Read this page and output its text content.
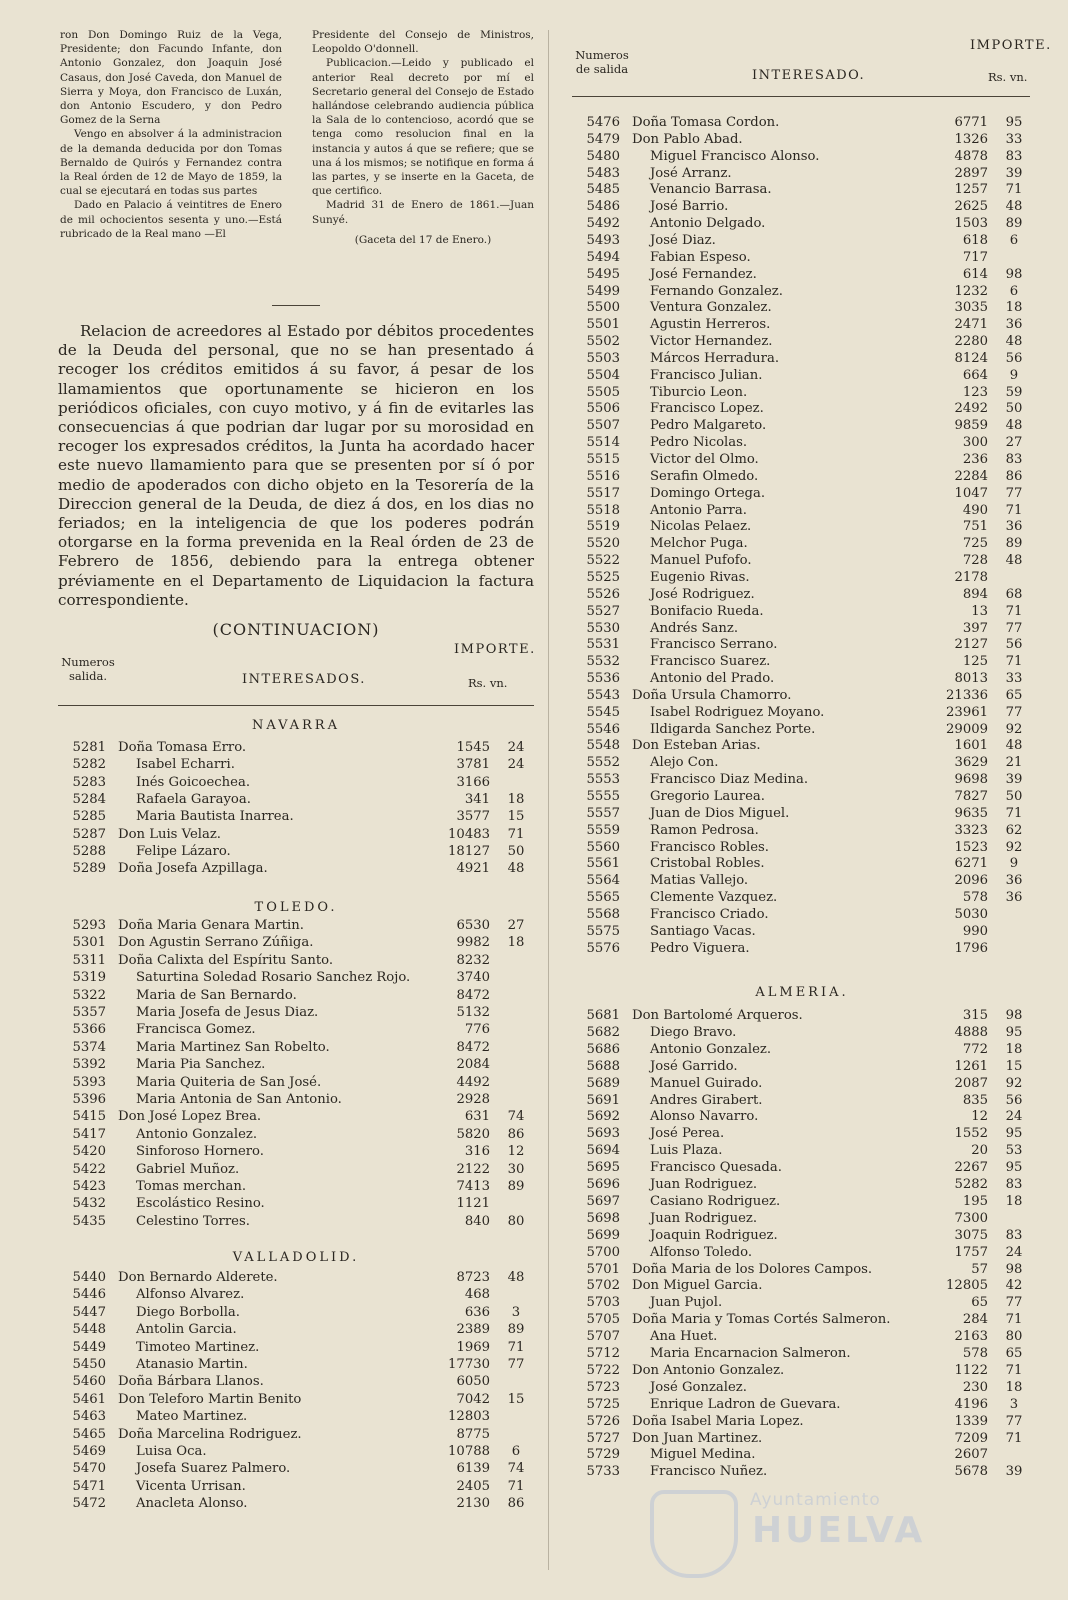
ron Don Domingo Ruiz de la Vega, Presidente; don Facundo Infante, don Antonio Gonzalez, don Joaquin José Casaus, don José Caveda, don Manuel de Sierra y Moya, don Francisco de Luxán, don Antonio Escudero, y don Pedro Gomez de la Serna

Vengo en absolver á la administracion de la demanda deducida por don Tomas Bernaldo de Quirós y Fernandez contra la Real órden de 12 de Mayo de 1859, la cual se ejecutará en todas sus partes

Dado en Palacio á veintitres de Enero de mil ochocientos sesenta y uno.—Está rubricado de la Real mano —El

Presidente del Consejo de Ministros, Leopoldo O'donnell.

Publicacion.—Leido y publicado el anterior Real decreto por mí el Secretario general del Consejo de Estado hallándose celebrando audiencia pública la Sala de lo contencioso, acordó que se tenga como resolucion final en la instancia y autos á que se refiere; que se una á los mismos; se notifique en forma á las partes, y se inserte en la Gaceta, de que certifico.

Madrid 31 de Enero de 1861.—Juan Sunyé.

(Gaceta del 17 de Enero.)

Relacion de acreedores al Estado por débitos procedentes de la Deuda del personal, que no se han presentado á recoger los créditos emitidos á su favor, á pesar de los llamamientos que oportunamente se hicieron en los periódicos oficiales, con cuyo motivo, y á fin de evitarles las consecuencias á que podrian dar lugar por su morosidad en recoger los expresados créditos, la Junta ha acordado hacer este nuevo llamamiento para que se presenten por sí ó por medio de apoderados con dicho objeto en la Tesorería de la Direccion general de la Deuda, de diez á dos, en los dias no feriados; en la inteligencia de que los poderes podrán otorgarse en la forma prevenida en la Real órden de 23 de Febrero de 1856, debiendo para la entrega obtener préviamente en el Departamento de Liquidacion la factura correspondiente.
(CONTINUACION)
Numeros
salida.	INTERESADOS.
IMPORTE.
Rs. vn.
NAVARRA
5281 Doña Tomasa Erro.	1545	24
5282 Isabel Echarri.	3781	24
5283 Inés Goicoechea.	3166
5284 Rafaela Garayoa.	341	18
5285 Maria Bautista Inarrea.	3577	15
5287 Don Luis Velaz.	10483	71
5288 Felipe Lázaro.	18127	50
5289 Doña Josefa Azpillaga.	4921	48
TOLEDO.
5293 Doña Maria Genara Martin.	6530	27
5301 Don Agustin Serrano Zúñiga.	9982	18
5311 Doña Calixta del Espíritu Santo.	8232
5319 Saturtina Soledad Rosario Sanchez Rojo.	3740
5322 Maria de San Bernardo.	8472
5357 Maria Josefa de Jesus Diaz.	5132
5366 Francisca Gomez.	776
5374 Maria Martinez San Robelto.	8472
5392 Maria Pia Sanchez.	2084
5393 Maria Quiteria de San José.	4492
5396 Maria Antonia de San Antonio.	2928
5415 Don José Lopez Brea.	631	74
5417 Antonio Gonzalez.	5820	86
5420 Sinforoso Hornero.	316	12
5422 Gabriel Muñoz.	2122	30
5423 Tomas merchan.	7413	89
5432 Escolástico Resino.	1121
5435 Celestino Torres.	840	80
VALLADOLID.
5440 Don Bernardo Alderete.	8723	48
5446 Alfonso Alvarez.	468
5447 Diego Borbolla.	636	3
5448 Antolin Garcia.	2389	89
5449 Timoteo Martinez.	1969	71
5450 Atanasio Martin.	17730	77
5460 Doña Bárbara Llanos.	6050
5461 Don Teleforo Martin Benito	7042	15
5463 Mateo Martinez.	12803
5465 Doña Marcelina Rodriguez.	8775
5469 Luisa Oca.	10788	6
5470 Josefa Suarez Palmero.	6139	74
5471 Vicenta Urrisan.	2405	71
5472 Anacleta Alonso.	2130	86
Numeros
de salida	INTERESADO.
IMPORTE.
Rs. vn.
5476 Doña Tomasa Cordon.	6771	95
5479 Don Pablo Abad.	1326	33
5480 Miguel Francisco Alonso.	4878	83
5483 José Arranz.	2897	39
5485 Venancio Barrasa.	1257	71
5486 José Barrio.	2625	48
5492 Antonio Delgado.	1503	89
5493 José Diaz.	618	6
5494 Fabian Espeso.	717
5495 José Fernandez.	614	98
5499 Fernando Gonzalez.	1232	6
5500 Ventura Gonzalez.	3035	18
5501 Agustin Herreros.	2471	36
5502 Victor Hernandez.	2280	48
5503 Márcos Herradura.	8124	56
5504 Francisco Julian.	664	9
5505 Tiburcio Leon.	123	59
5506 Francisco Lopez.	2492	50
5507 Pedro Malgareto.	9859	48
5514 Pedro Nicolas.	300	27
5515 Victor del Olmo.	236	83
5516 Serafin Olmedo.	2284	86
5517 Domingo Ortega.	1047	77
5518 Antonio Parra.	490	71
5519 Nicolas Pelaez.	751	36
5520 Melchor Puga.	725	89
5522 Manuel Pufofo.	728	48
5525 Eugenio Rivas.	2178
5526 José Rodriguez.	894	68
5527 Bonifacio Rueda.	13	71
5530 Andrés Sanz.	397	77
5531 Francisco Serrano.	2127	56
5532 Francisco Suarez.	125	71
5536 Antonio del Prado.	8013	33
5543 Doña Ursula Chamorro.	21336	65
5545 Isabel Rodriguez Moyano.	23961	77
5546 Ildigarda Sanchez Porte.	29009	92
5548 Don Esteban Arias.	1601	48
5552 Alejo Con.	3629	21
5553 Francisco Diaz Medina.	9698	39
5555 Gregorio Laurea.	7827	50
5557 Juan de Dios Miguel.	9635	71
5559 Ramon Pedrosa.	3323	62
5560 Francisco Robles.	1523	92
5561 Cristobal Robles.	6271	9
5564 Matias Vallejo.	2096	36
5565 Clemente Vazquez.	578	36
5568 Francisco Criado.	5030
5575 Santiago Vacas.	990
5576 Pedro Viguera.	1796
ALMERIA.
5681 Don Bartolomé Arqueros.	315	98
5682 Diego Bravo.	4888	95
5686 Antonio Gonzalez.	772	18
5688 José Garrido.	1261	15
5689 Manuel Guirado.	2087	92
5691 Andres Girabert.	835	56
5692 Alonso Navarro.	12	24
5693 José Perea.	1552	95
5694 Luis Plaza.	20	53
5695 Francisco Quesada.	2267	95
5696 Juan Rodriguez.	5282	83
5697 Casiano Rodriguez.	195	18
5698 Juan Rodriguez.	7300
5699 Joaquin Rodriguez.	3075	83
5700 Alfonso Toledo.	1757	24
5701 Doña Maria de los Dolores Campos.	57	98
5702 Don Miguel Garcia.	12805	42
5703 Juan Pujol.	65	77
5705 Doña Maria y Tomas Cortés Salmeron.	284	71
5707 Ana Huet.	2163	80
5712 Maria Encarnacion Salmeron.	578	65
5722 Don Antonio Gonzalez.	1122	71
5723 José Gonzalez.	230	18
5725 Enrique Ladron de Guevara.	4196	3
5726 Doña Isabel Maria Lopez.	1339	77
5727 Don Juan Martinez.	7209	71
5729 Miguel Medina.	2607
5733 Francisco Nuñez.	5678	39
Ayuntamiento
HUELVA
